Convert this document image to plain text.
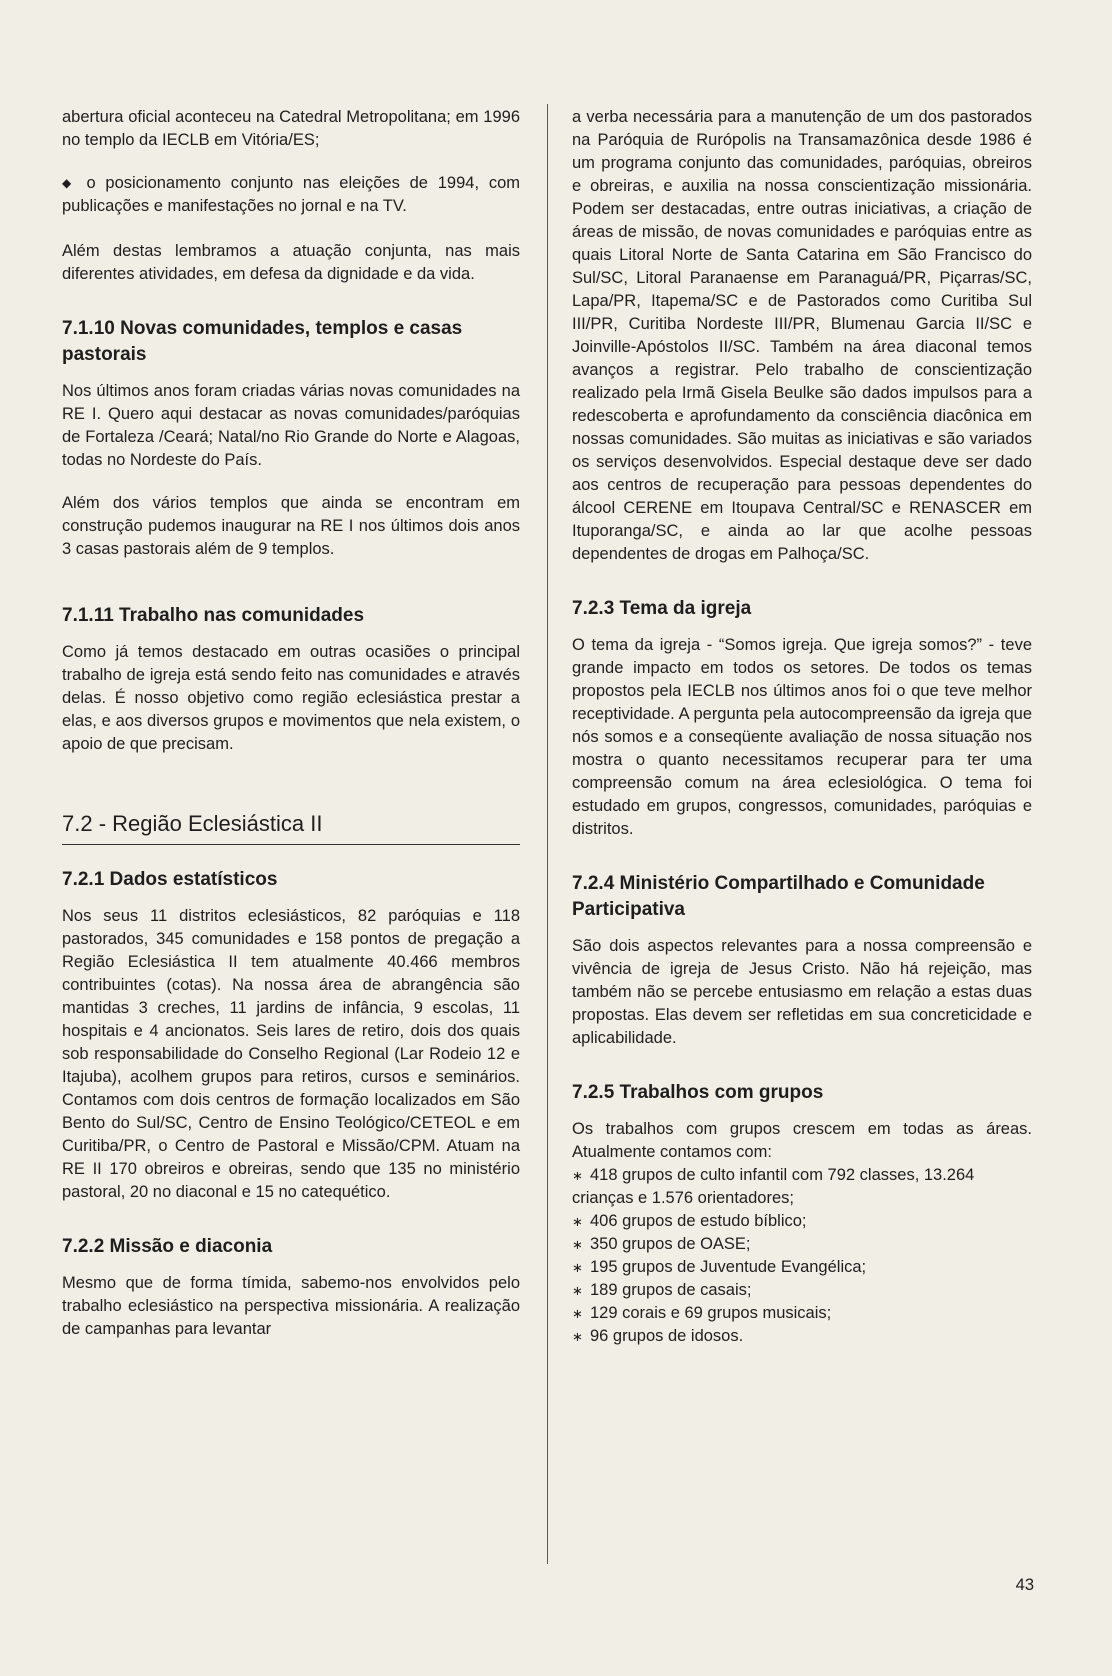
abertura oficial aconteceu na Catedral Metropolitana; em 1996 no templo da IECLB em Vitória/ES;

◆ o posicionamento conjunto nas eleições de 1994, com publicações e manifestações no jornal e na TV.

Além destas lembramos a atuação conjunta, nas mais diferentes atividades, em defesa da dignidade e da vida.

7.1.10 Novas comunidades, templos e casas pastorais

Nos últimos anos foram criadas várias novas comunidades na RE I. Quero aqui destacar as novas comunidades/paróquias de Fortaleza /Ceará; Natal/no Rio Grande do Norte e Alagoas, todas no Nordeste do País.

Além dos vários templos que ainda se encontram em construção pudemos inaugurar na RE I nos últimos dois anos 3 casas pastorais além de 9 templos.

7.1.11 Trabalho nas comunidades

Como já temos destacado em outras ocasiões o principal trabalho de igreja está sendo feito nas comunidades e através delas. É nosso objetivo como região eclesiástica prestar a elas, e aos diversos grupos e movimentos que nela existem, o apoio de que precisam.

7.2 - Região Eclesiástica II
7.2.1 Dados estatísticos

Nos seus 11 distritos eclesiásticos, 82 paróquias e 118 pastorados, 345 comunidades e 158 pontos de pregação a Região Eclesiástica II tem atualmente 40.466 membros contribuintes (cotas). Na nossa área de abrangência são mantidas 3 creches, 11 jardins de infância, 9 escolas, 11 hospitais e 4 ancionatos. Seis lares de retiro, dois dos quais sob responsabilidade do Conselho Regional (Lar Rodeio 12 e Itajuba), acolhem grupos para retiros, cursos e seminários. Contamos com dois centros de formação localizados em São Bento do Sul/SC, Centro de Ensino Teológico/CETEOL e em Curitiba/PR, o Centro de Pastoral e Missão/CPM. Atuam na RE II 170 obreiros e obreiras, sendo que 135 no ministério pastoral, 20 no diaconal e 15 no catequético.

7.2.2 Missão e diaconia

Mesmo que de forma tímida, sabemo-nos envolvidos pelo trabalho eclesiástico na perspectiva missionária. A realização de campanhas para levantar

a verba necessária para a manutenção de um dos pastorados na Paróquia de Rurópolis na Transamazônica desde 1986 é um programa conjunto das comunidades, paróquias, obreiros e obreiras, e auxilia na nossa conscientização missionária. Podem ser destacadas, entre outras iniciativas, a criação de áreas de missão, de novas comunidades e paróquias entre as quais Litoral Norte de Santa Catarina em São Francisco do Sul/SC, Litoral Paranaense em Paranaguá/PR, Piçarras/SC, Lapa/PR, Itapema/SC e de Pastorados como Curitiba Sul III/PR, Curitiba Nordeste III/PR, Blumenau Garcia II/SC e Joinville-Apóstolos II/SC. Também na área diaconal temos avanços a registrar. Pelo trabalho de conscientização realizado pela Irmã Gisela Beulke são dados impulsos para a redescoberta e aprofundamento da consciência diacônica em nossas comunidades. São muitas as iniciativas e são variados os serviços desenvolvidos. Especial destaque deve ser dado aos centros de recuperação para pessoas dependentes do álcool CERENE em Itoupava Central/SC e RENASCER em Ituporanga/SC, e ainda ao lar que acolhe pessoas dependentes de drogas em Palhoça/SC.

7.2.3 Tema da igreja

O tema da igreja - “Somos igreja. Que igreja somos?” - teve grande impacto em todos os setores. De todos os temas propostos pela IECLB nos últimos anos foi o que teve melhor receptividade. A pergunta pela autocompreensão da igreja que nós somos e a conseqüente avaliação de nossa situação nos mostra o quanto necessitamos recuperar para ter uma compreensão comum na área eclesiológica. O tema foi estudado em grupos, congressos, comunidades, paróquias e distritos.

7.2.4 Ministério Compartilhado e Comunidade Participativa

São dois aspectos relevantes para a nossa compreensão e vivência de igreja de Jesus Cristo. Não há rejeição, mas também não se percebe entusiasmo em relação a estas duas propostas. Elas devem ser refletidas em sua concreticidade e aplicabilidade.

7.2.5 Trabalhos com grupos

Os trabalhos com grupos crescem em todas as áreas. Atualmente contamos com:

∗ 418 grupos de culto infantil com 792 classes, 13.264 crianças e 1.576 orientadores;
∗ 406 grupos de estudo bíblico;
∗ 350 grupos de OASE;
∗ 195 grupos de Juventude Evangélica;
∗ 189 grupos de casais;
∗ 129 corais e 69 grupos musicais;
∗ 96 grupos de idosos.
43
